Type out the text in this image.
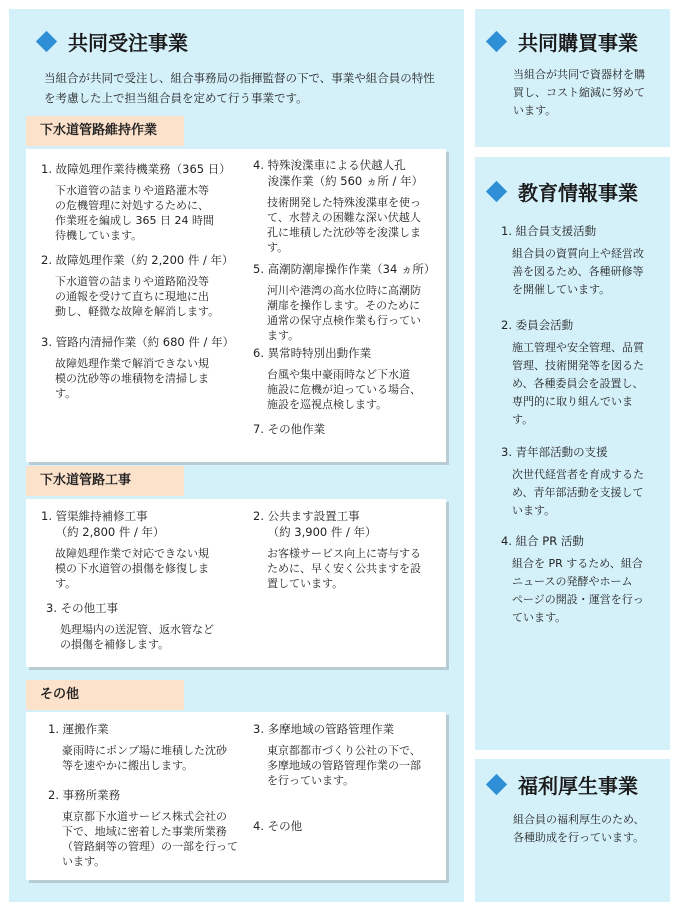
共同受注事業
当組合が共同で受注し、組合事務局の指揮監督の下で、事業や組合員の特性
を考慮した上で担当組合員を定めて行う事業です。
下水道管路維持作業
1. 故障処理作業待機業務（365 日）
下水道管の詰まりや道路灌木等
の危機管理に対処するために、
作業班を編成し 365 日 24 時間
待機しています。
2. 故障処理作業（約 2,200 件 / 年）
下水道管の詰まりや道路陥没等
の通報を受けて直ちに現地に出
動し、軽微な故障を解消します。
3. 管路内清掃作業（約 680 件 / 年）
故障処理作業で解消できない規
模の沈砂等の堆積物を清掃しま
す。
4. 特殊浚渫車による伏越人孔
浚渫作業（約 560 ヵ所 / 年）
技術開発した特殊浚渫車を使っ
て、水替えの困難な深い伏越人
孔に堆積した沈砂等を浚渫しま
す。
5. 高潮防潮扉操作作業（34 ヵ所）
河川や港湾の高水位時に高潮防
潮扉を操作します。そのために
通常の保守点検作業も行ってい
ます。
6. 異常時特別出動作業
台風や集中豪雨時など下水道
施設に危機が迫っている場合、
施設を巡視点検します。
7. その他作業
下水道管路工事
1. 管渠維持補修工事
（約 2,800 件 / 年）
故障処理作業で対応できない規
模の下水道管の損傷を修復しま
す。
2. 公共ます設置工事
（約 3,900 件 / 年）
お客様サービス向上に寄与する
ために、早く安く公共ますを設
置しています。
3. その他工事
処理場内の送泥管、返水管など
の損傷を補修します。
その他
1. 運搬作業
豪雨時にポンプ場に堆積した沈砂
等を速やかに搬出します。
2. 事務所業務
東京都下水道サービス株式会社の
下で、地域に密着した事業所業務
（管路網等の管理）の一部を行って
います。
3. 多摩地域の管路管理作業
東京都都市づくり公社の下で、
多摩地域の管路管理作業の一部
を行っています。
4. その他
共同購買事業
当組合が共同で資器材を購
買し、コスト縮減に努めて
います。
教育情報事業
1. 組合員支援活動
組合員の資質向上や経営改
善を図るため、各種研修等
を開催しています。
2. 委員会活動
施工管理や安全管理、品質
管理、技術開発等を図るた
め、各種委員会を設置し、
専門的に取り組んでいま
す。
3. 青年部活動の支援
次世代経営者を育成するた
め、青年部活動を支援して
います。
4. 組合 PR 活動
組合を PR するため、組合
ニュースの発酵やホーム
ページの開設・運営を行っ
ています。
福利厚生事業
組合員の福利厚生のため、
各種助成を行っています。
